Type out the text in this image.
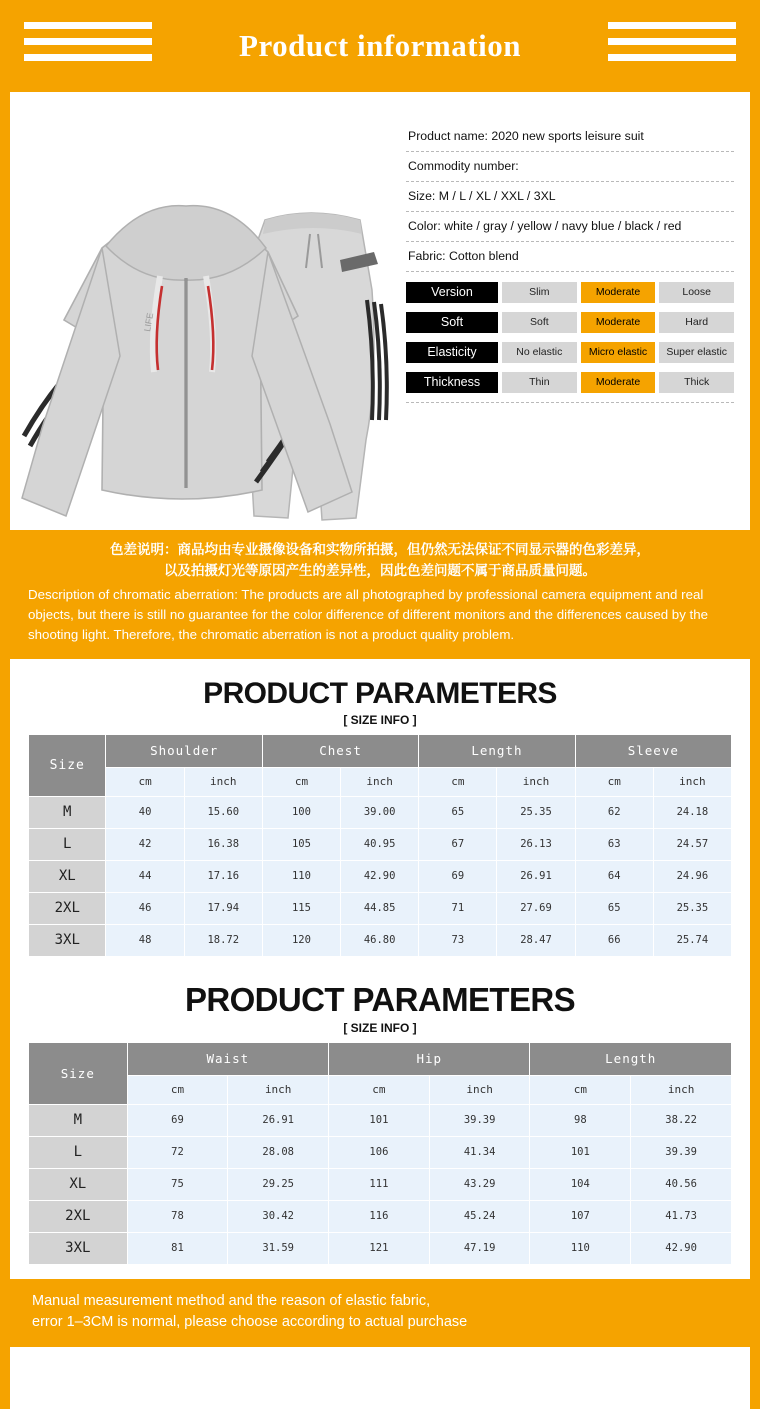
Product information
LIFE
Product name: 2020 new sports leisure suit
Commodity number:
Size: M / L / XL / XXL / 3XL
Color: white / gray / yellow / navy blue / black / red
Fabric: Cotton blend
Version	Slim	Moderate	Loose
Soft	Soft	Moderate	Hard
Elasticity	No elastic	Micro elastic	Super elastic
Thickness	Thin	Moderate	Thick
色差说明：商品均由专业摄像设备和实物所拍摄，但仍然无法保证不同显示器的色彩差异，
以及拍摄灯光等原因产生的差异性，因此色差问题不属于商品质量问题。
Description of chromatic aberration: The products are all photographed by professional camera equipment and real objects, but there is still no guarantee for the color difference of different monitors and the differences caused by the shooting light. Therefore, the chromatic aberration is not a product quality problem.
PRODUCT PARAMETERS
[ SIZE INFO ]
Size	Shoulder		Chest		Length		Sleeve	
	cm	inch	cm	inch	cm	inch	cm	inch
M	40	15.60	100	39.00	65	25.35	62	24.18
L	42	16.38	105	40.95	67	26.13	63	24.57
XL	44	17.16	110	42.90	69	26.91	64	24.96
2XL	46	17.94	115	44.85	71	27.69	65	25.35
3XL	48	18.72	120	46.80	73	28.47	66	25.74
PRODUCT PARAMETERS
[ SIZE INFO ]
Size	Waist		Hip		Length	
	cm	inch	cm	inch	cm	inch
M	69	26.91	101	39.39	98	38.22
L	72	28.08	106	41.34	101	39.39
XL	75	29.25	111	43.29	104	40.56
2XL	78	30.42	116	45.24	107	41.73
3XL	81	31.59	121	47.19	110	42.90
Manual measurement method and the reason of elastic fabric,
error 1–3CM is normal, please choose according to actual purchase
